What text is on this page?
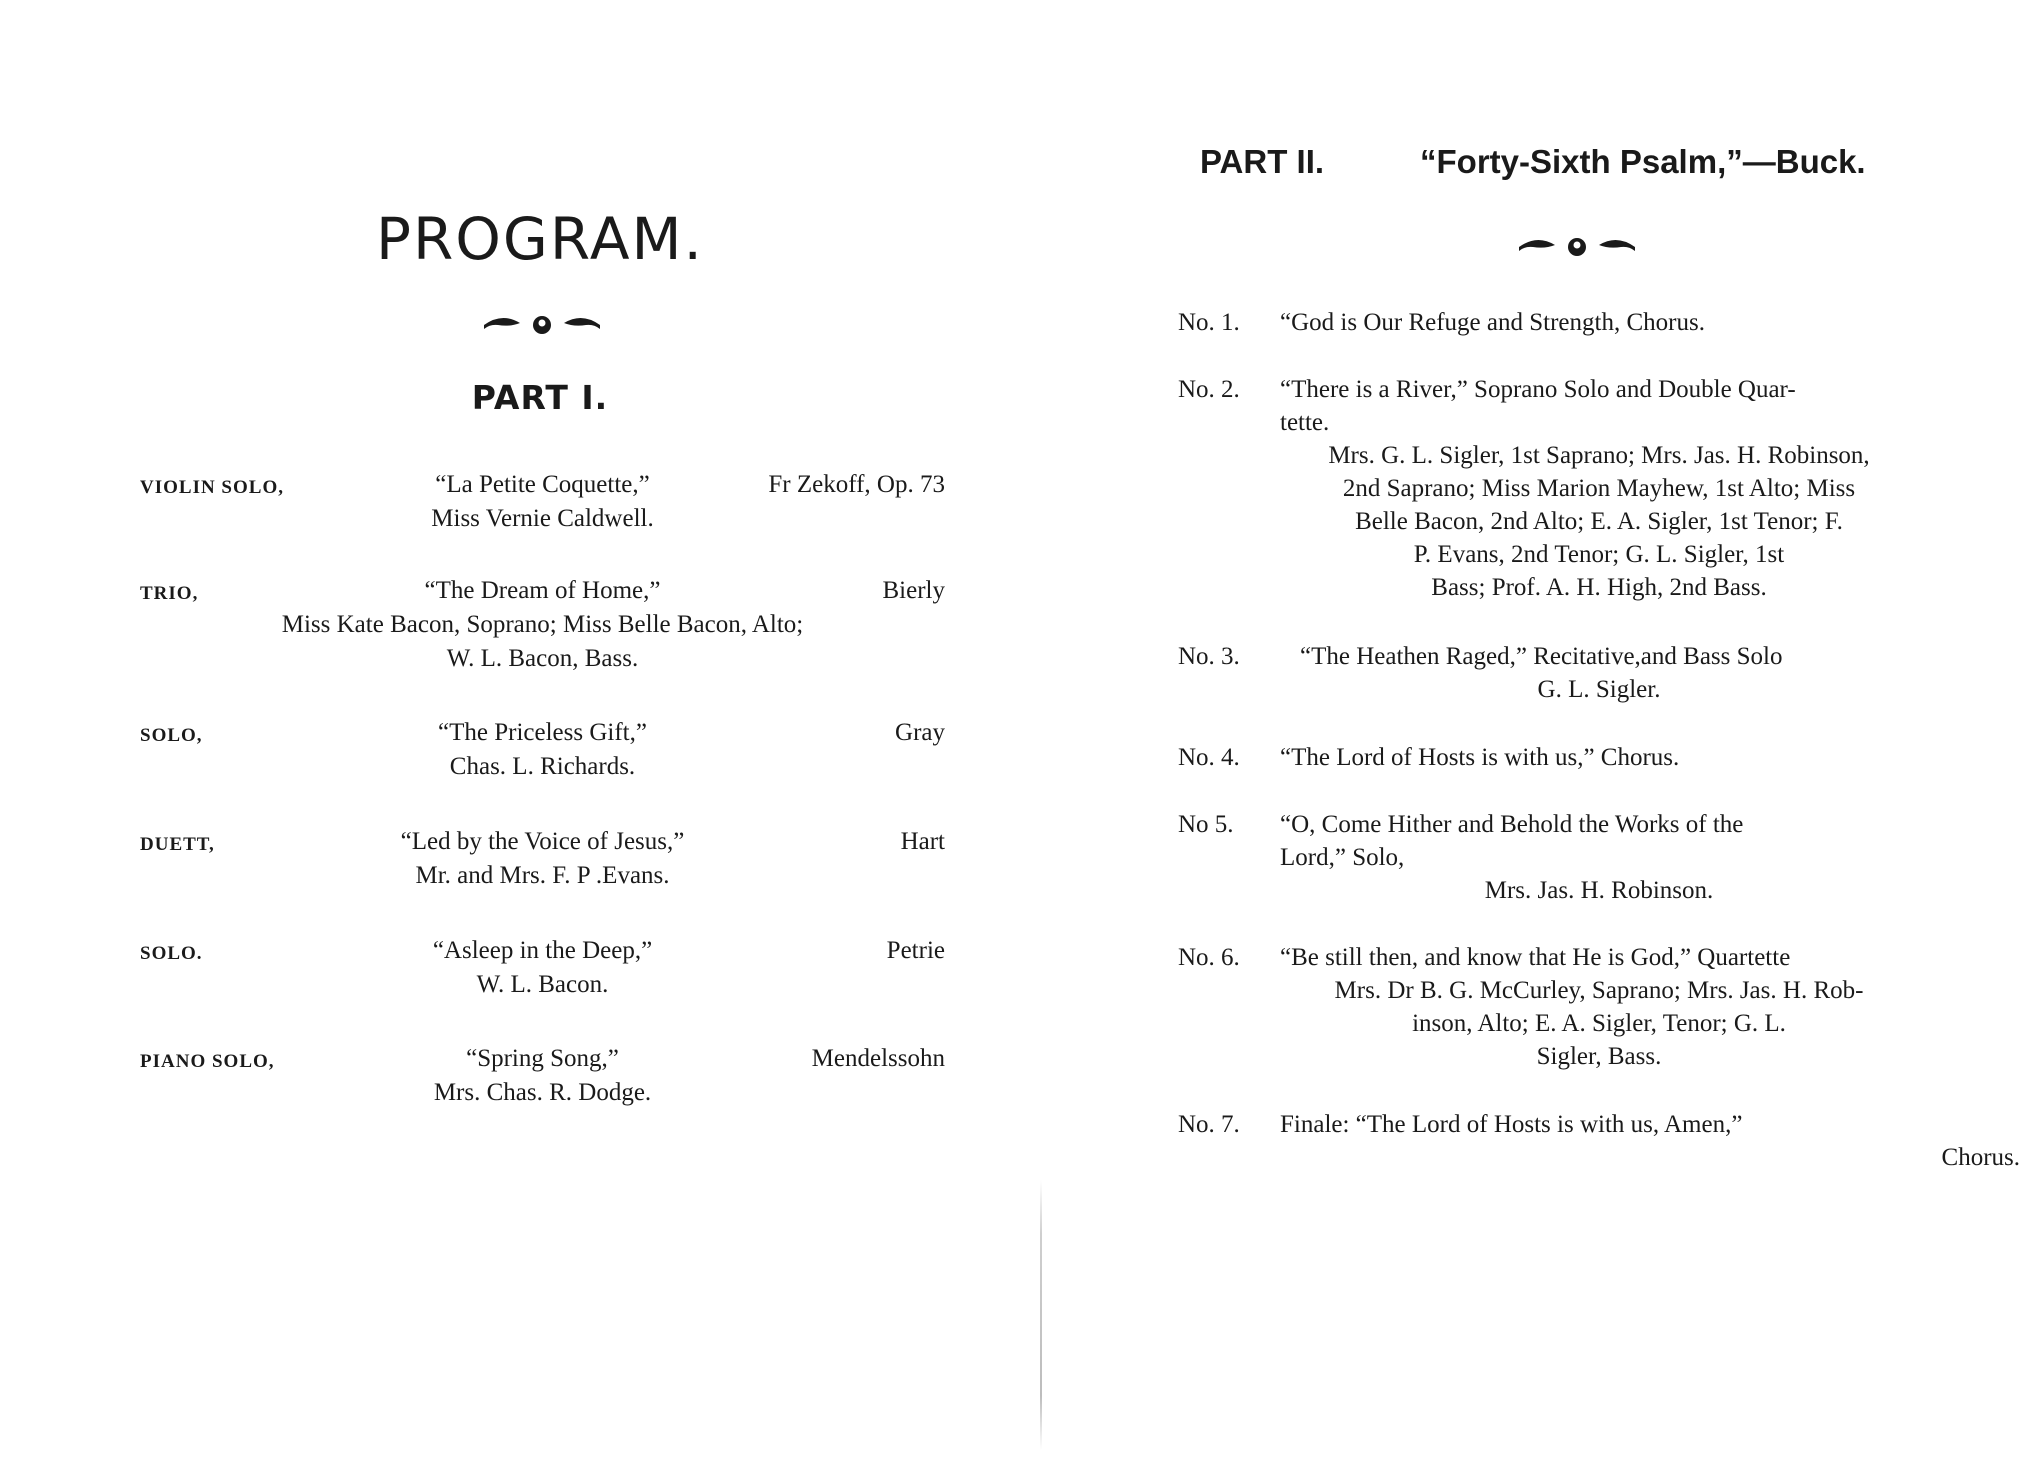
PROGRAM.
PART I.
VIOLIN SOLO,	“La Petite Coquette,”	Fr Zekoff, Op. 73
Miss Vernie Caldwell.
TRIO,	“The Dream of Home,”	Bierly
Miss Kate Bacon, Soprano; Miss Belle Bacon, Alto;
W. L. Bacon, Bass.
SOLO,	“The Priceless Gift,”	Gray
Chas. L. Richards.
DUETT,	“Led by the Voice of Jesus,”	Hart
Mr. and Mrs. F. P .Evans.
SOLO.	“Asleep in the Deep,”	Petrie
W. L. Bacon.
PIANO SOLO,	“Spring Song,”	Mendelssohn
Mrs. Chas. R. Dodge.
PART II.	“Forty-Sixth Psalm,”—Buck.
No. 1. “God is Our Refuge and Strength, Chorus.
No. 2. “There is a River,” Soprano Solo and Double Quar-
tette.
Mrs. G. L. Sigler, 1st Saprano; Mrs. Jas. H. Robinson,
2nd Saprano; Miss Marion Mayhew, 1st Alto; Miss
Belle Bacon, 2nd Alto; E. A. Sigler, 1st Tenor; F.
P. Evans, 2nd Tenor; G. L. Sigler, 1st
Bass; Prof. A. H. High, 2nd Bass.
No. 3. “The Heathen Raged,” Recitative,and Bass Solo
G. L. Sigler.
No. 4. “The Lord of Hosts is with us,” Chorus.
No 5. “O, Come Hither and Behold the Works of the
Lord,” Solo,
Mrs. Jas. H. Robinson.
No. 6. “Be still then, and know that He is God,” Quartette
Mrs. Dr B. G. McCurley, Saprano; Mrs. Jas. H. Rob-
inson, Alto; E. A. Sigler, Tenor; G. L.
Sigler, Bass.
No. 7. Finale: “The Lord of Hosts is with us, Amen,”
Chorus.
